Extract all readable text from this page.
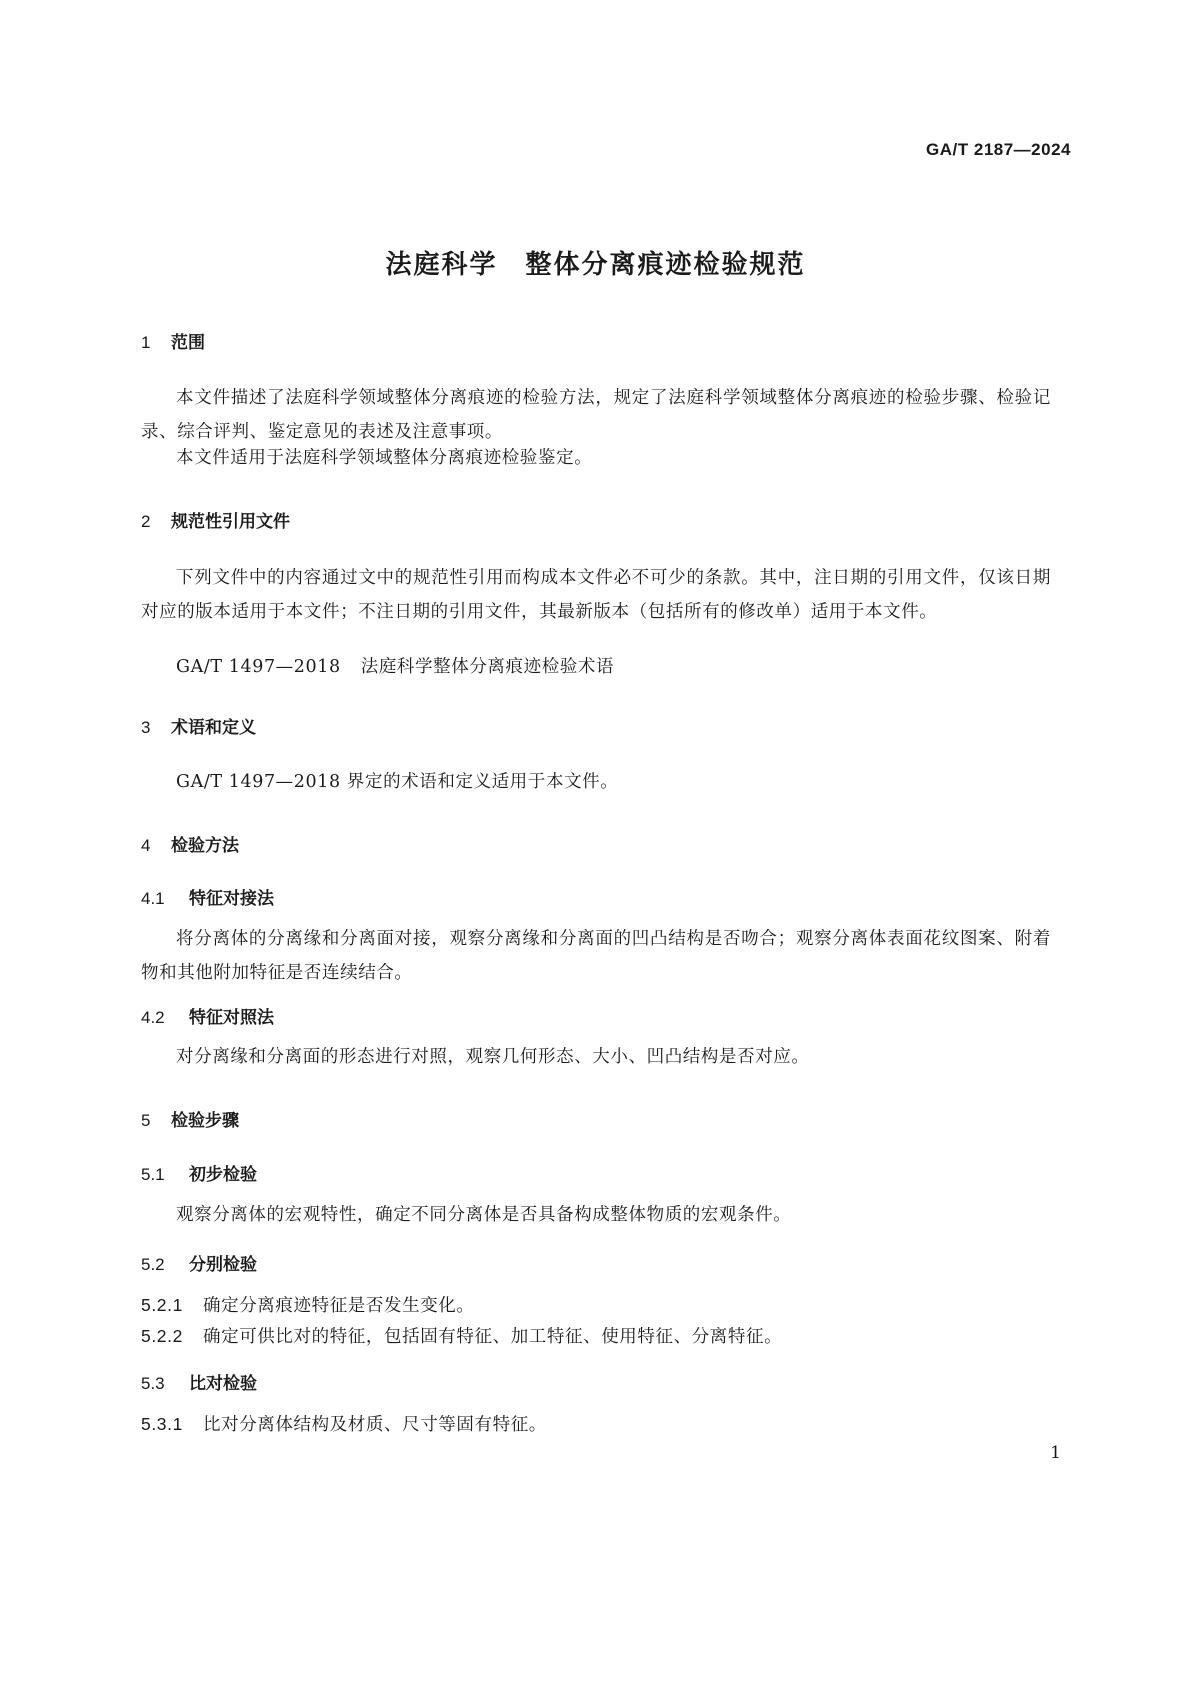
GA/T 2187—2024
法庭科学　整体分离痕迹检验规范
1 范围
本文件描述了法庭科学领域整体分离痕迹的检验方法，规定了法庭科学领域整体分离痕迹的检验步骤、检验记录、综合评判、鉴定意见的表述及注意事项。
本文件适用于法庭科学领域整体分离痕迹检验鉴定。
2 规范性引用文件
下列文件中的内容通过文中的规范性引用而构成本文件必不可少的条款。其中，注日期的引用文件，仅该日期对应的版本适用于本文件；不注日期的引用文件，其最新版本（包括所有的修改单）适用于本文件。
GA/T 1497—2018 法庭科学整体分离痕迹检验术语
3 术语和定义
GA/T 1497—2018 界定的术语和定义适用于本文件。
4 检验方法
4.1 特征对接法
将分离体的分离缘和分离面对接，观察分离缘和分离面的凹凸结构是否吻合；观察分离体表面花纹图案、附着物和其他附加特征是否连续结合。
4.2 特征对照法
对分离缘和分离面的形态进行对照，观察几何形态、大小、凹凸结构是否对应。
5 检验步骤
5.1 初步检验
观察分离体的宏观特性，确定不同分离体是否具备构成整体物质的宏观条件。
5.2 分别检验
5.2.1 确定分离痕迹特征是否发生变化。
5.2.2 确定可供比对的特征，包括固有特征、加工特征、使用特征、分离特征。
5.3 比对检验
5.3.1 比对分离体结构及材质、尺寸等固有特征。
1
